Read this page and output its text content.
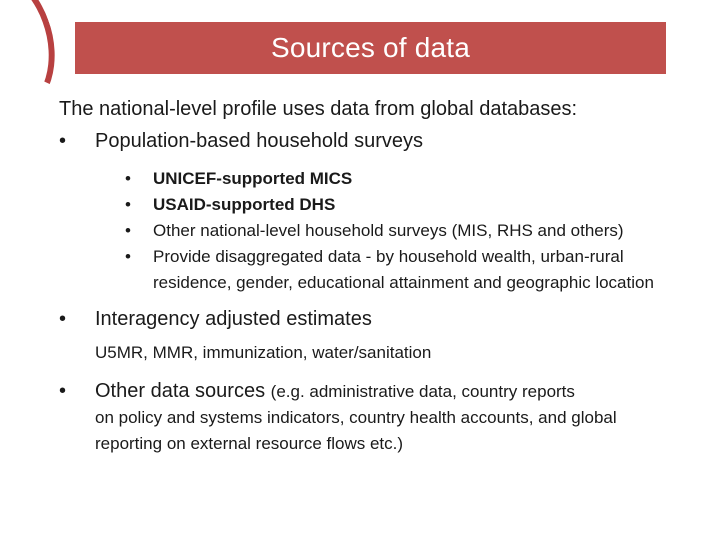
Sources of data

The national-level profile uses data from global databases:

•	Population-based household surveys
•	UNICEF-supported MICS
•	USAID-supported DHS
•	Other national-level household surveys (MIS, RHS and others)
•	Provide disaggregated data - by household wealth, urban-rural residence, gender, educational attainment and geographic location
•	Interagency adjusted estimates
U5MR, MMR, immunization, water/sanitation
•	Other data sources (e.g. administrative data, country reports
on policy and systems indicators, country health accounts, and global reporting on external resource flows etc.)
